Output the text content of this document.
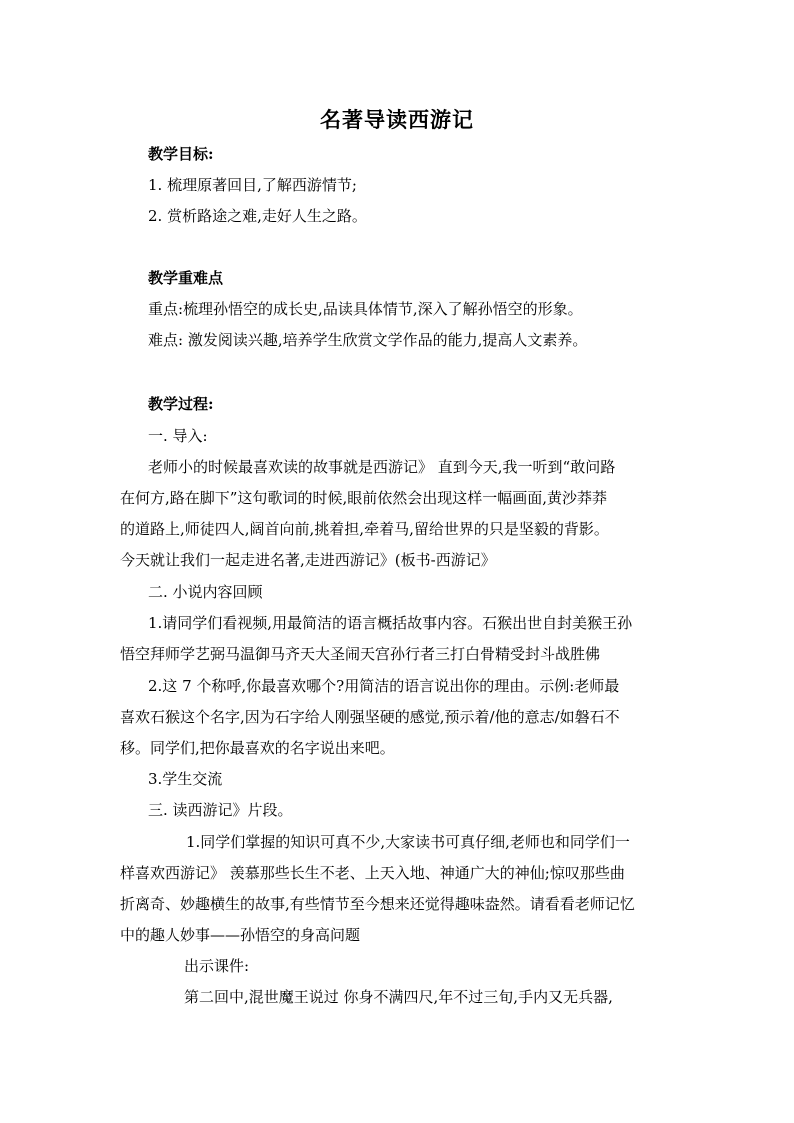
名著导读西游记
教学目标:
1. 梳理原著回目,了解西游情节;
2. 赏析路途之难,走好人生之路。
教学重难点
重点:梳理孙悟空的成长史,品读具体情节,深入了解孙悟空的形象。
难点: 激发阅读兴趣,培养学生欣赏文学作品的能力,提高人文素养。
教学过程:
一. 导入:
老师小的时候最喜欢读的故事就是西游记》 直到今天,我一听到“敢问路
在何方,路在脚下”这句歌词的时候,眼前依然会出现这样一幅画面,黄沙莽莽
的道路上,师徒四人,阔首向前,挑着担,牵着马,留给世界的只是坚毅的背影。
今天就让我们一起走进名著,走进西游记》(板书-西游记》
二. 小说内容回顾
1.请同学们看视频,用最简洁的语言概括故事内容。石猴出世自封美猴王孙
悟空拜师学艺弼马温御马齐天大圣闹天宫孙行者三打白骨精受封斗战胜佛
2.这 7 个称呼,你最喜欢哪个?用简洁的语言说出你的理由。示例:老师最
喜欢石猴这个名字,因为石字给人刚强坚硬的感觉,预示着/他的意志/如磐石不
移。同学们,把你最喜欢的名字说出来吧。
3.学生交流
三. 读西游记》片段。
1.同学们掌握的知识可真不少,大家读书可真仔细,老师也和同学们一
样喜欢西游记》 羡慕那些长生不老、上天入地、神通广大的神仙;惊叹那些曲
折离奇、妙趣横生的故事,有些情节至今想来还觉得趣味盎然。请看看老师记忆
中的趣人妙事——孙悟空的身高问题
出示课件:
第二回中,混世魔王说过 你身不满四尺,年不过三旬,手内又无兵器,
